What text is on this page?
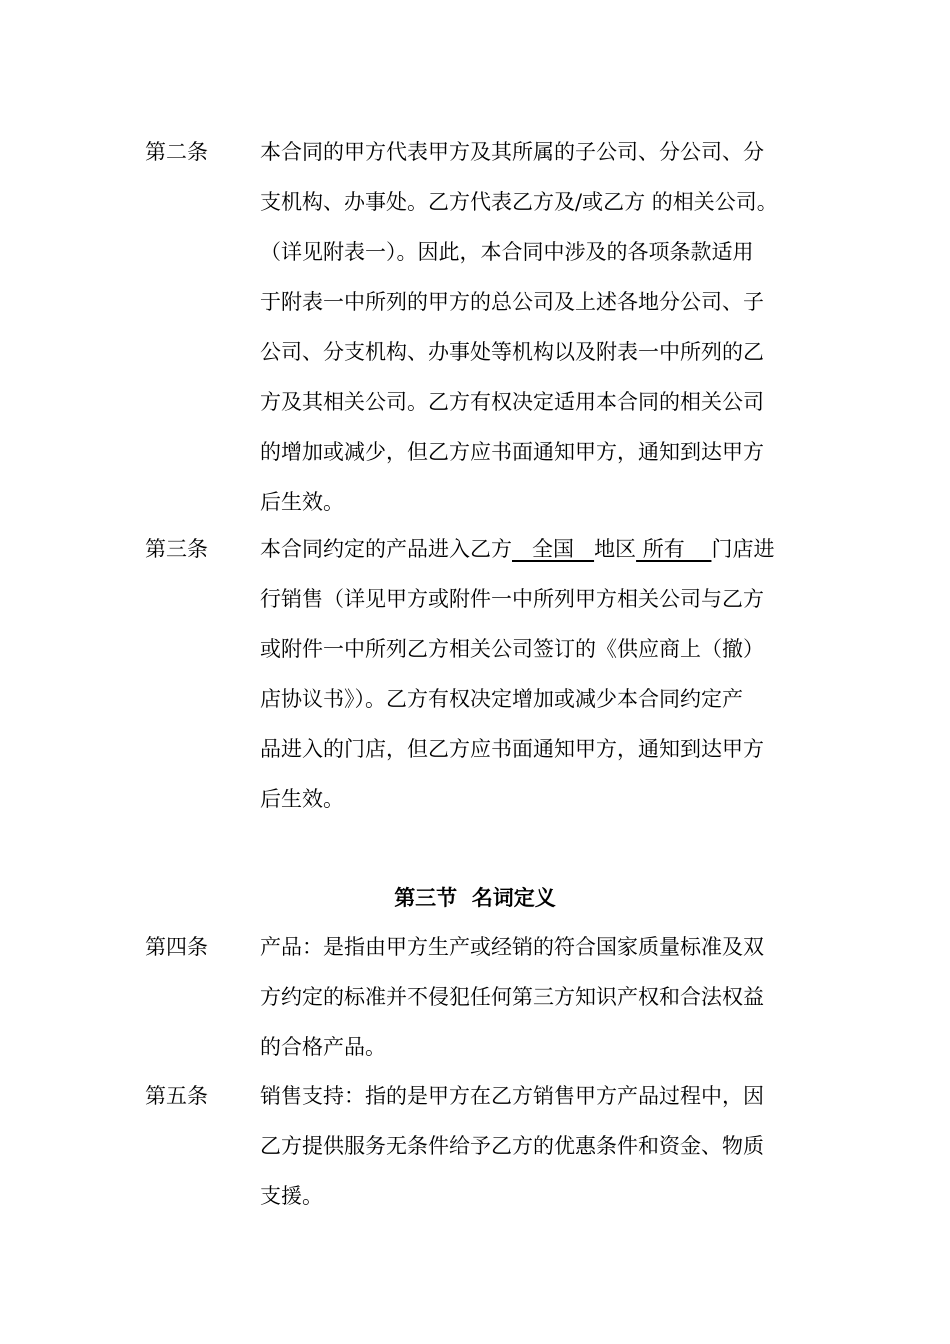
第二条	本合同的甲方代表甲方及其所属的子公司、分公司、分
支机构、办事处。乙方代表乙方及/或乙方 的相关公司。
（详见附表一）。因此，本合同中涉及的各项条款适用
于附表一中所列的甲方的总公司及上述各地分公司、子
公司、分支机构、办事处等机构以及附表一中所列的乙
方及其相关公司。乙方有权决定适用本合同的相关公司
的增加或减少，但乙方应书面通知甲方，通知到达甲方
后生效。
第三条	本合同约定的产品进入乙方   全国   地区 所有    门店进
行销售（详见甲方或附件一中所列甲方相关公司与乙方
或附件一中所列乙方相关公司签订的《供应商上（撤）
店协议书》）。乙方有权决定增加或减少本合同约定产
品进入的门店，但乙方应书面通知甲方，通知到达甲方
后生效。
第三节  名词定义
第四条	产品：是指由甲方生产或经销的符合国家质量标准及双
方约定的标准并不侵犯任何第三方知识产权和合法权益
的合格产品。
第五条	销售支持：指的是甲方在乙方销售甲方产品过程中，因
乙方提供服务无条件给予乙方的优惠条件和资金、物质
支援。
